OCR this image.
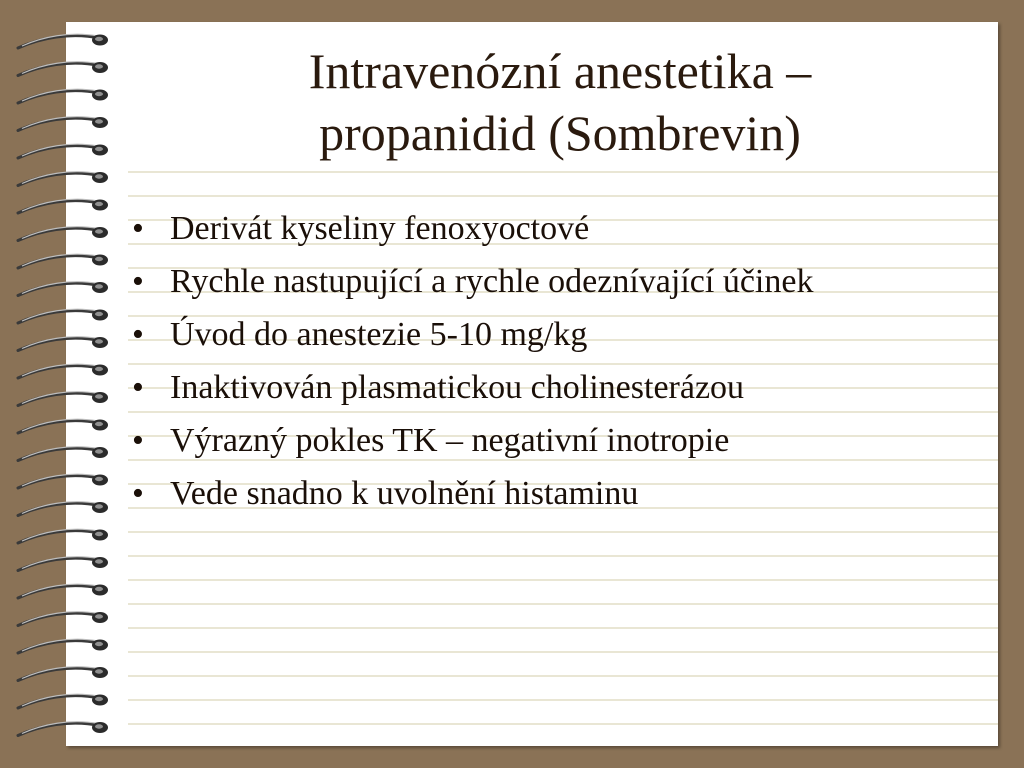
Intravenózní anestetika –
propanidid (Sombrevin)
• Derivát kyseliny fenoxyoctové
• Rychle nastupující a rychle odeznívající účinek
• Úvod do anestezie 5-10 mg/kg
• Inaktivován plasmatickou cholinesterázou
• Výrazný pokles TK – negativní inotropie
• Vede snadno k uvolnění histaminu
